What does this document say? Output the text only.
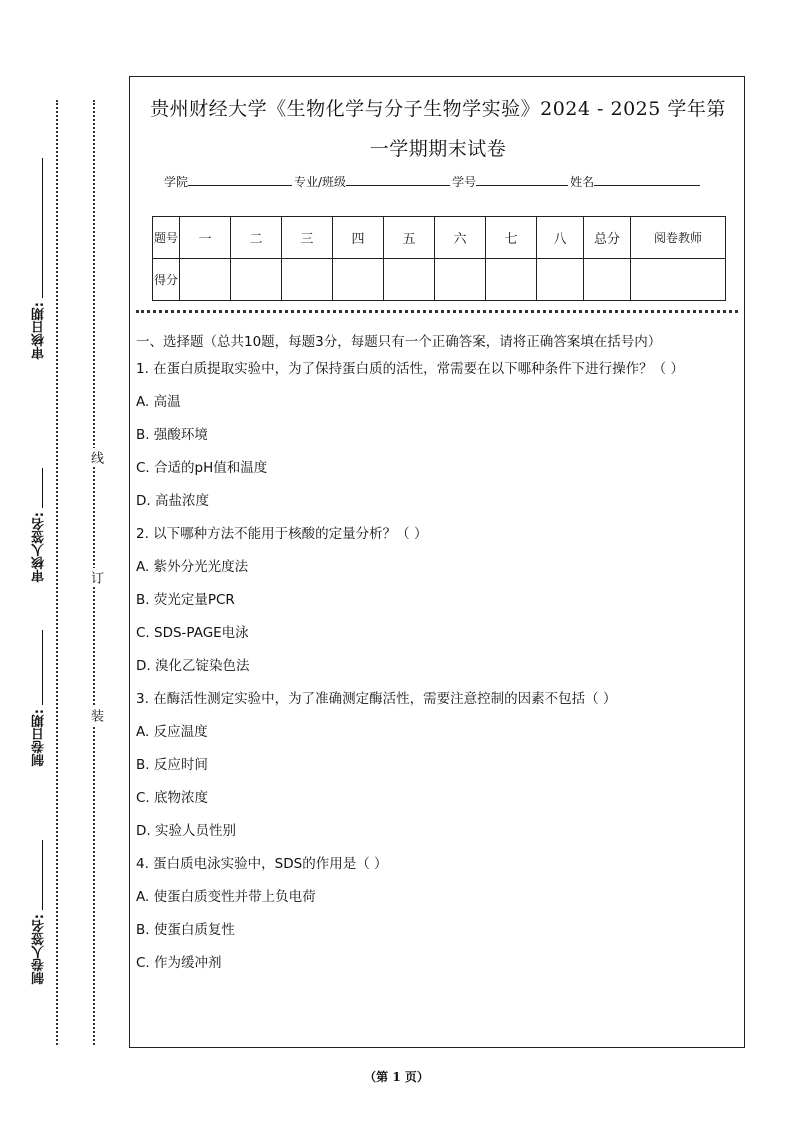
审核日期:
审核人签名:
制卷日期:
制卷人签名:
线
订
装
贵州财经大学《生物化学与分子生物学实验》2024 - 2025 学年第
一学期期末试卷
学院	专业/班级	学号	姓名
题号	一	二	三	四	五	六	七	八	总分	阅卷教师
得分										
一、选择题（总共10题，每题3分，每题只有一个正确答案，请将正确答案填在括号内）
1. 在蛋白质提取实验中，为了保持蛋白质的活性，常需要在以下哪种条件下进行操作？（ ）
A. 高温
B. 强酸环境
C. 合适的pH值和温度
D. 高盐浓度
2. 以下哪种方法不能用于核酸的定量分析？（ ）
A. 紫外分光光度法
B. 荧光定量PCR
C. SDS-PAGE电泳
D. 溴化乙锭染色法
3. 在酶活性测定实验中，为了准确测定酶活性，需要注意控制的因素不包括（ ）
A. 反应温度
B. 反应时间
C. 底物浓度
D. 实验人员性别
4. 蛋白质电泳实验中，SDS的作用是（ ）
A. 使蛋白质变性并带上负电荷
B. 使蛋白质复性
C. 作为缓冲剂
（第 1 页）
